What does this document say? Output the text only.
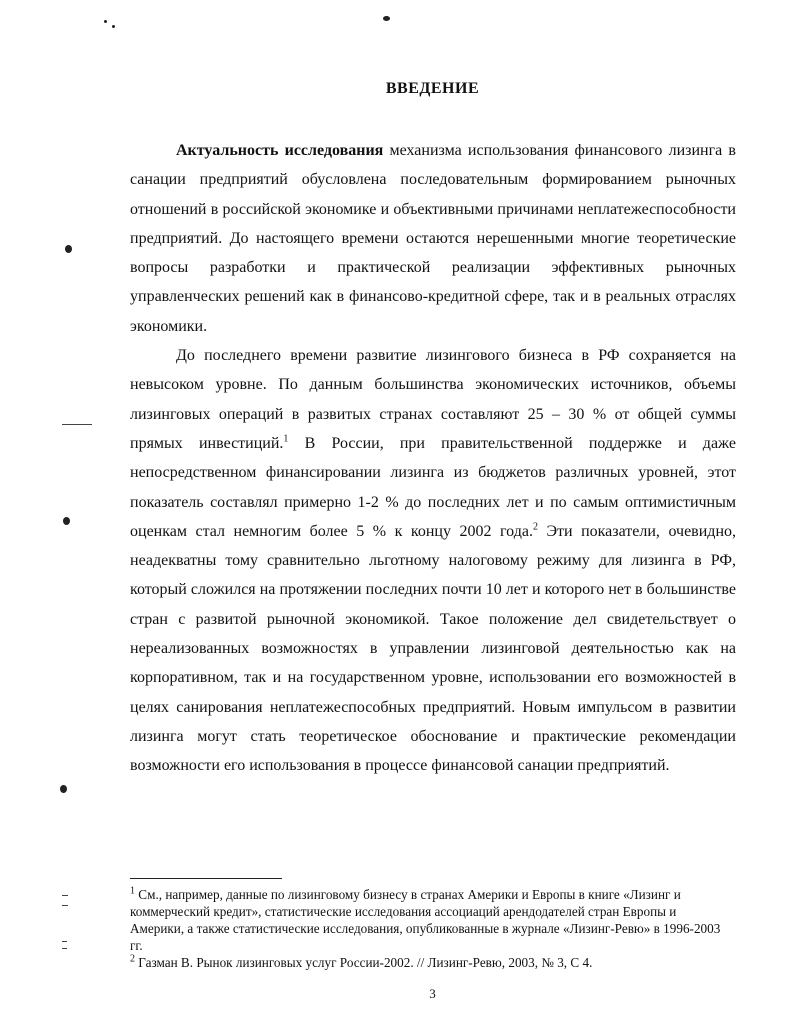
ВВЕДЕНИЕ

Актуальность исследования механизма использования финансового лизинга в санации предприятий обусловлена последовательным формированием рыночных отношений в российской экономике и объективными причинами неплатежеспособности предприятий. До настоящего времени остаются нерешенными многие теоретические вопросы разработки и практической реализации эффективных рыночных управленческих решений как в финансово-кредитной сфере, так и в реальных отраслях экономики.

До последнего времени развитие лизингового бизнеса в РФ сохраняется на невысоком уровне. По данным большинства экономических источников, объемы лизинговых операций в развитых странах составляют 25 – 30 % от общей суммы прямых инвестиций.$^1$ В России, при правительственной поддержке и даже непосредственном финансировании лизинга из бюджетов различных уровней, этот показатель составлял примерно 1-2 % до последних лет и по самым оптимистичным оценкам стал немногим более 5 % к концу 2002 года.$^2$ Эти показатели, очевидно, неадекватны тому сравнительно льготному налоговому режиму для лизинга в РФ, который сложился на протяжении последних почти 10 лет и которого нет в большинстве стран с развитой рыночной экономикой. Такое положение дел свидетельствует о нереализованных возможностях в управлении лизинговой деятельностью как на корпоративном, так и на государственном уровне, использовании его возможностей в целях санирования неплатежеспособных предприятий. Новым импульсом в развитии лизинга могут стать теоретическое обоснование и практические рекомендации возможности его использования в процессе финансовой санации предприятий.

$^1$ См., например, данные по лизинговому бизнесу в странах Америки и Европы в книге «Лизинг и коммерческий кредит», статистические исследования ассоциаций арендодателей стран Европы и Америки, а также статистические исследования, опубликованные в журнале «Лизинг-Ревю» в 1996-2003 гг.

$^2$ Газман В. Рынок лизинговых услуг России-2002. // Лизинг-Ревю, 2003, № 3, С 4.

3
